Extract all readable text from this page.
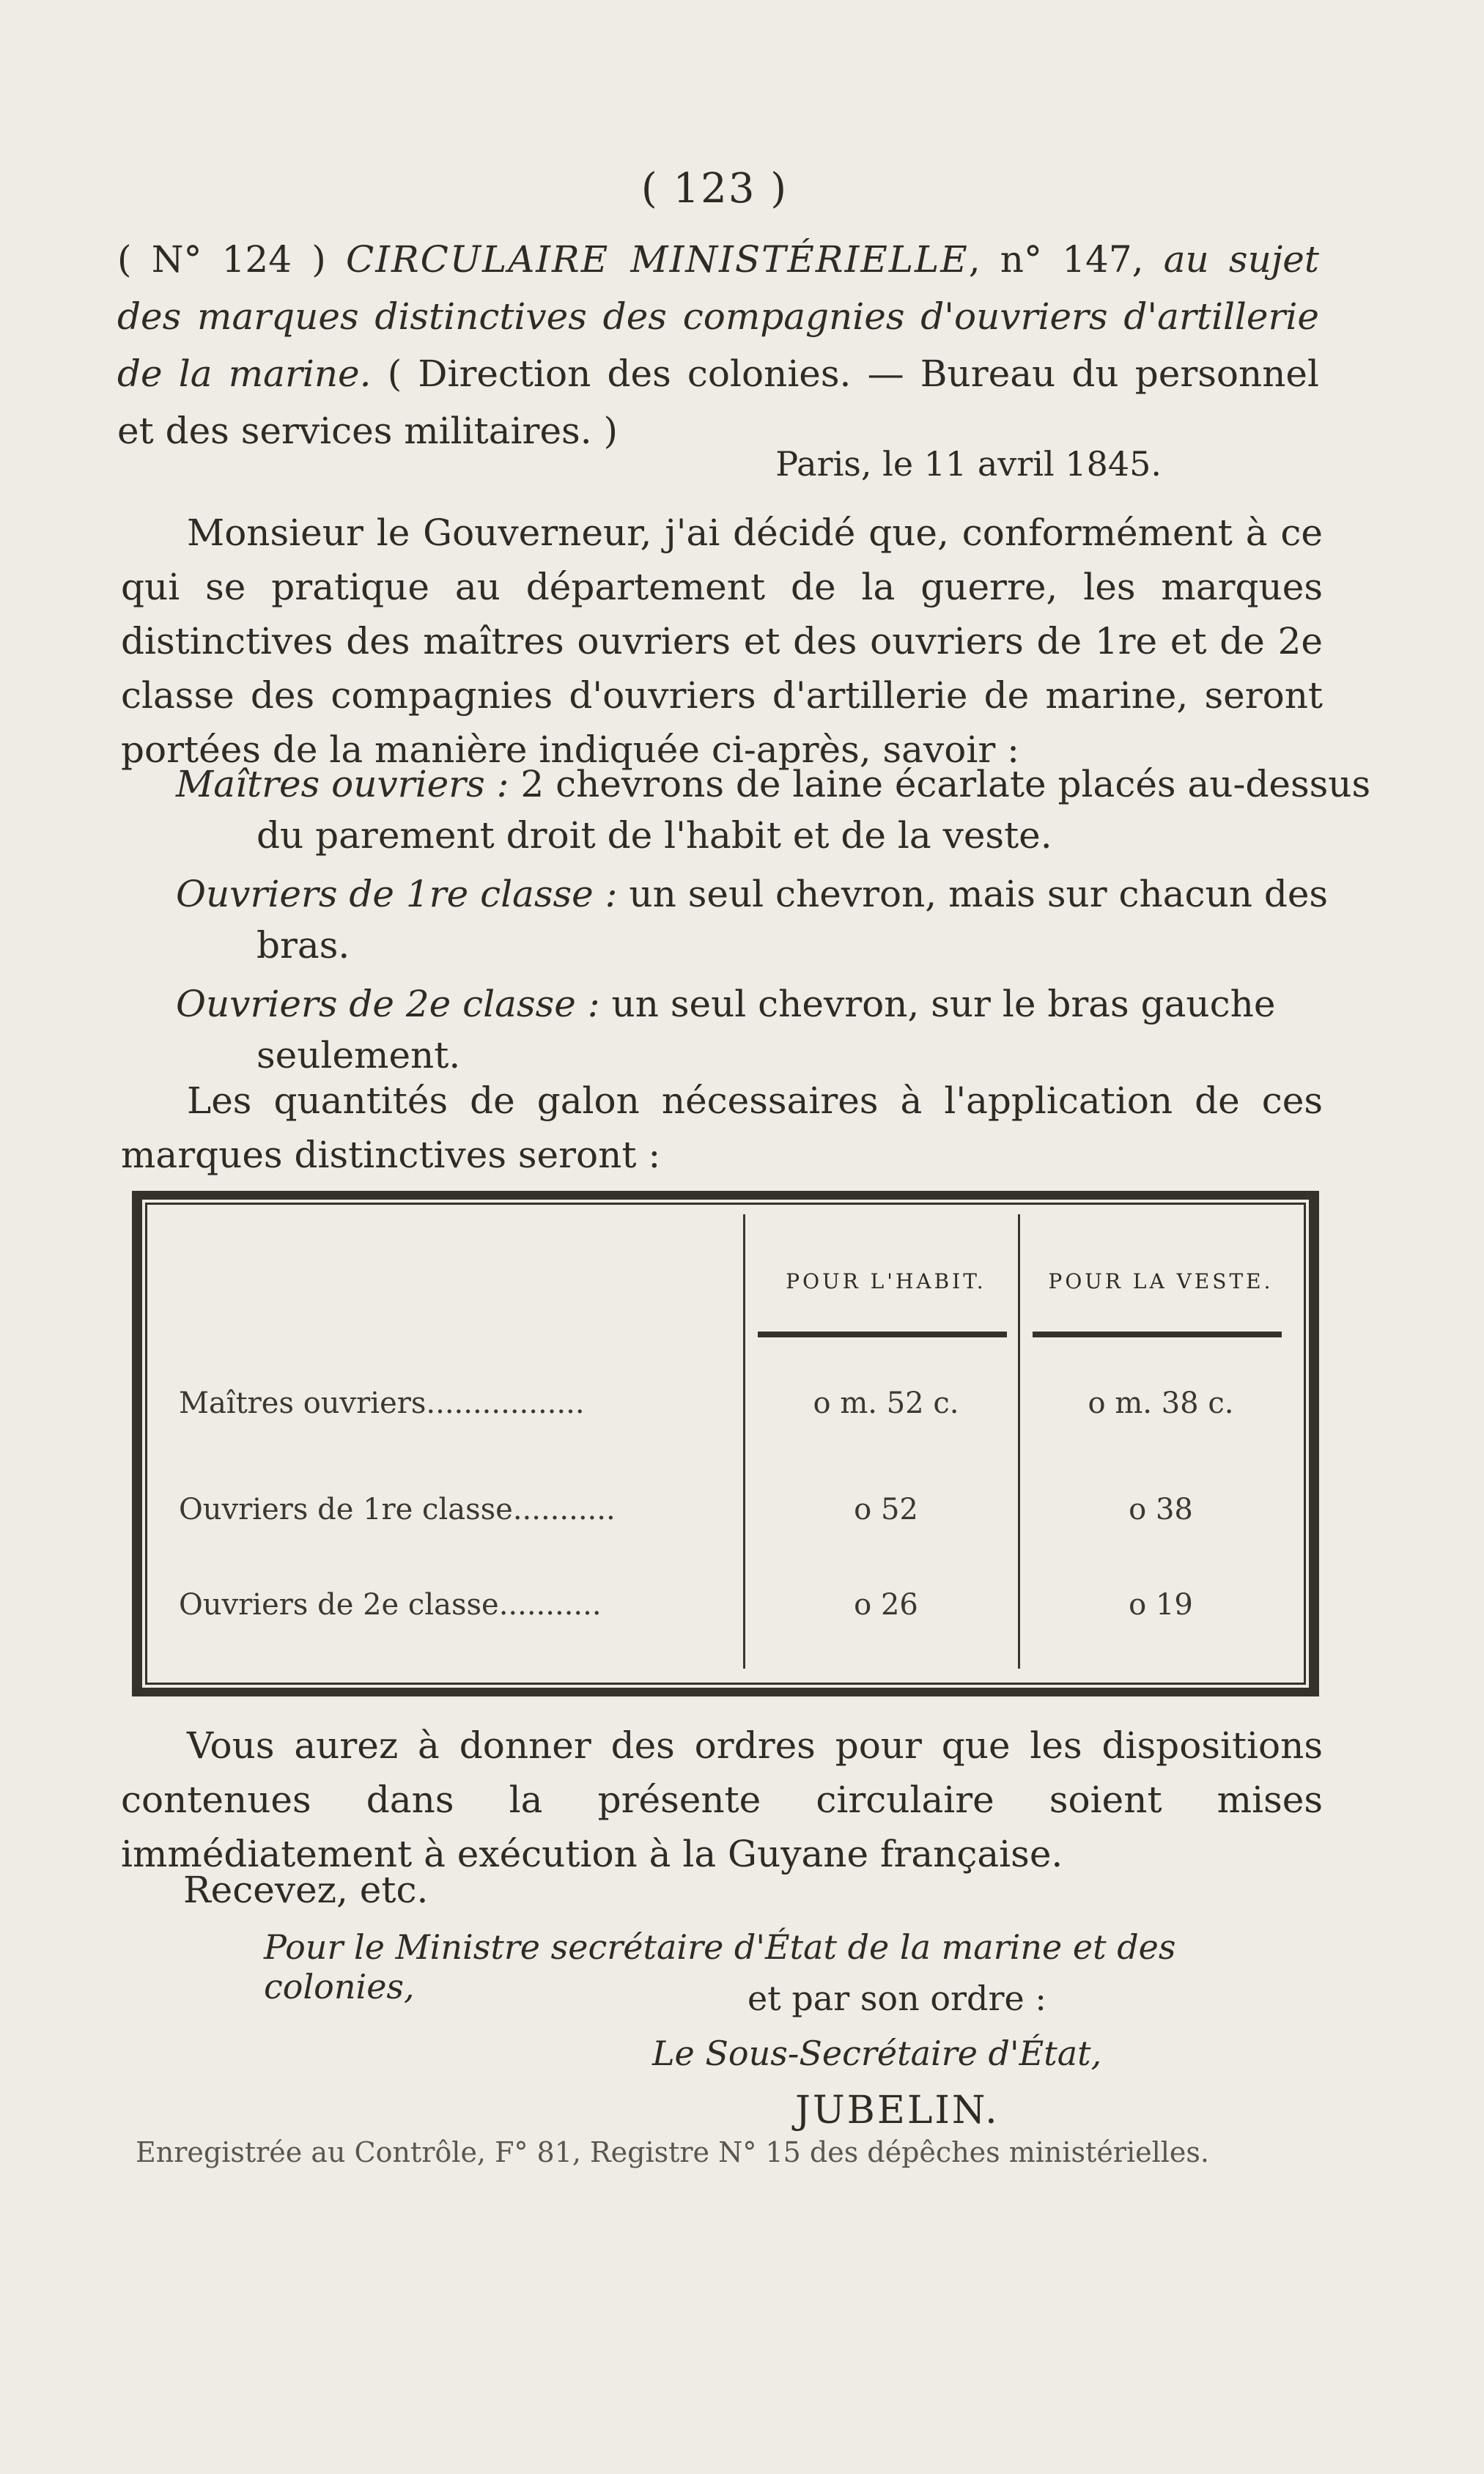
( 123 )
( N° 124 ) CIRCULAIRE MINISTÉRIELLE, n° 147, au sujet des marques distinctives des compagnies d'ouvriers d'artillerie de la marine. ( Direction des colonies. — Bureau du personnel et des services militaires. )
Paris, le 11 avril 1845.
Monsieur le Gouverneur, j'ai décidé que, conformément à ce qui se pratique au département de la guerre, les marques distinctives des maîtres ouvriers et des ouvriers de 1re et de 2e classe des compagnies d'ouvriers d'artillerie de marine, seront portées de la manière indiquée ci-après, savoir :
Maîtres ouvriers : 2 chevrons de laine écarlate placés au-dessus du parement droit de l'habit et de la veste.
Ouvriers de 1re classe : un seul chevron, mais sur chacun des bras.
Ouvriers de 2e classe : un seul chevron, sur le bras gauche seulement.
Les quantités de galon nécessaires à l'application de ces marques distinctives seront :
POUR L'HABIT.	POUR LA VESTE.
Maîtres ouvriers.................	o m. 52 c.	o m. 38 c.
Ouvriers de 1re classe...........	o 52	o 38
Ouvriers de 2e classe...........	o 26	o 19
Vous aurez à donner des ordres pour que les dispositions contenues dans la présente circulaire soient mises immédiatement à exécution à la Guyane française.
Recevez, etc.
Pour le Ministre secrétaire d'État de la marine et des colonies,	et par son ordre :
Le Sous-Secrétaire d'État,
JUBELIN.
Enregistrée au Contrôle, F° 81, Registre N° 15 des dépêches ministérielles.
